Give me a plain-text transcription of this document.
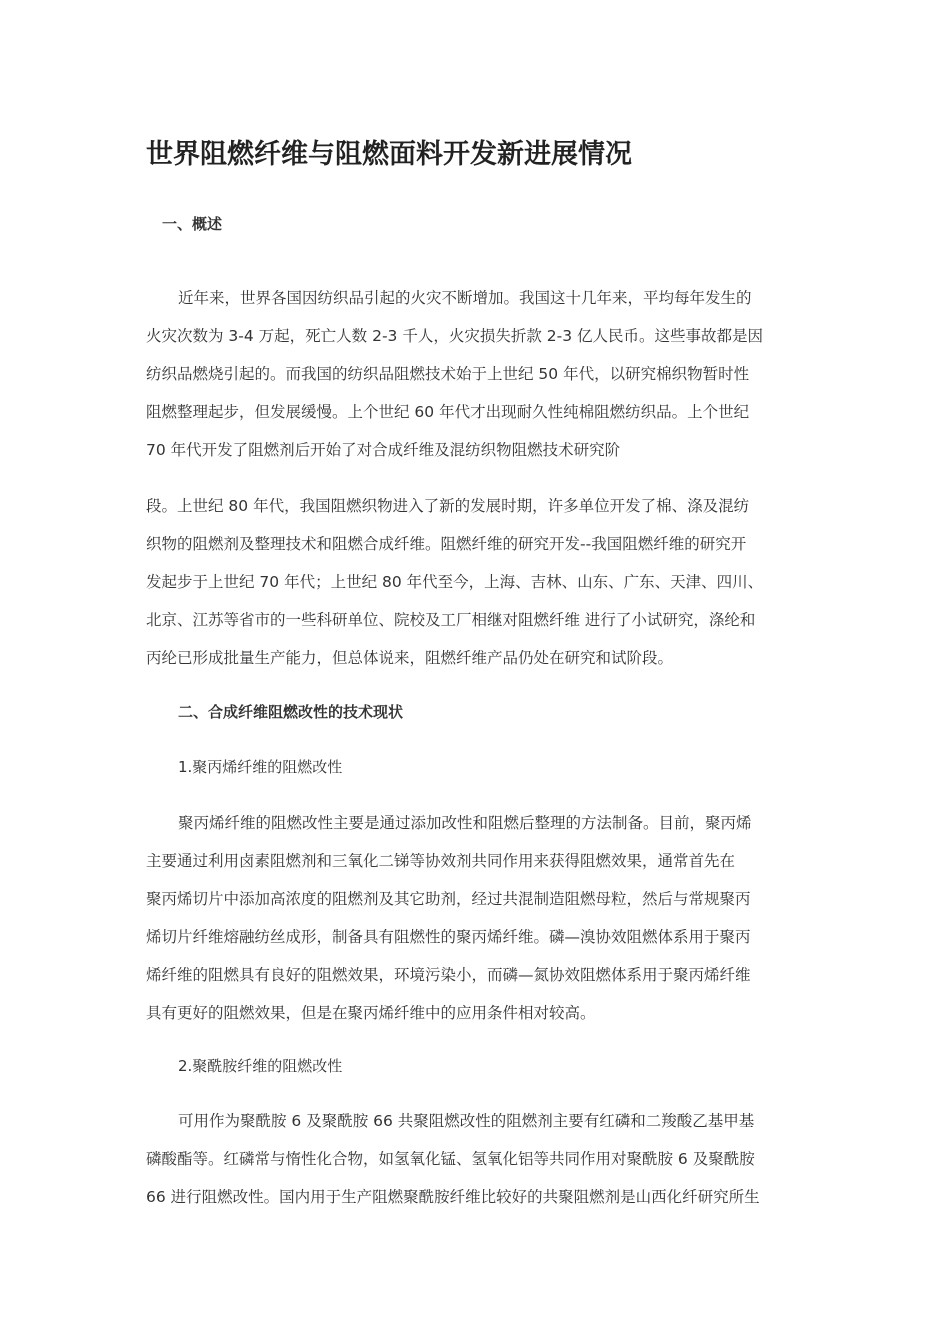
世界阻燃纤维与阻燃面料开发新进展情况
一、概述
近年来，世界各国因纺织品引起的火灾不断增加。我国这十几年来，平均每年发生的
火灾次数为 3-4 万起，死亡人数 2-3 千人，火灾损失折款 2-3 亿人民币。这些事故都是因
纺织品燃烧引起的。而我国的纺织品阻燃技术始于上世纪 50 年代，以研究棉织物暂时性
阻燃整理起步，但发展缓慢。上个世纪 60 年代才出现耐久性纯棉阻燃纺织品。上个世纪
70 年代开发了阻燃剂后开始了对合成纤维及混纺织物阻燃技术研究阶
段。上世纪 80 年代，我国阻燃织物进入了新的发展时期，许多单位开发了棉、涤及混纺
织物的阻燃剂及整理技术和阻燃合成纤维。阻燃纤维的研究开发--我国阻燃纤维的研究开
发起步于上世纪 70 年代；上世纪 80 年代至今，上海、吉林、山东、广东、天津、四川、
北京、江苏等省市的一些科研单位、院校及工厂相继对阻燃纤维 进行了小试研究，涤纶和
丙纶已形成批量生产能力，但总体说来，阻燃纤维产品仍处在研究和试阶段。
二、合成纤维阻燃改性的技术现状
1.聚丙烯纤维的阻燃改性
聚丙烯纤维的阻燃改性主要是通过添加改性和阻燃后整理的方法制备。目前，聚丙烯
主要通过利用卤素阻燃剂和三氧化二锑等协效剂共同作用来获得阻燃效果，通常首先在
聚丙烯切片中添加高浓度的阻燃剂及其它助剂，经过共混制造阻燃母粒，然后与常规聚丙
烯切片纤维熔融纺丝成形，制备具有阻燃性的聚丙烯纤维。磷—溴协效阻燃体系用于聚丙
烯纤维的阻燃具有良好的阻燃效果，环境污染小，而磷—氮协效阻燃体系用于聚丙烯纤维
具有更好的阻燃效果，但是在聚丙烯纤维中的应用条件相对较高。
2.聚酰胺纤维的阻燃改性
可用作为聚酰胺 6 及聚酰胺 66 共聚阻燃改性的阻燃剂主要有红磷和二羧酸乙基甲基
磷酸酯等。红磷常与惰性化合物，如氢氧化锰、氢氧化铝等共同作用对聚酰胺 6 及聚酰胺
66 进行阻燃改性。国内用于生产阻燃聚酰胺纤维比较好的共聚阻燃剂是山西化纤研究所生
